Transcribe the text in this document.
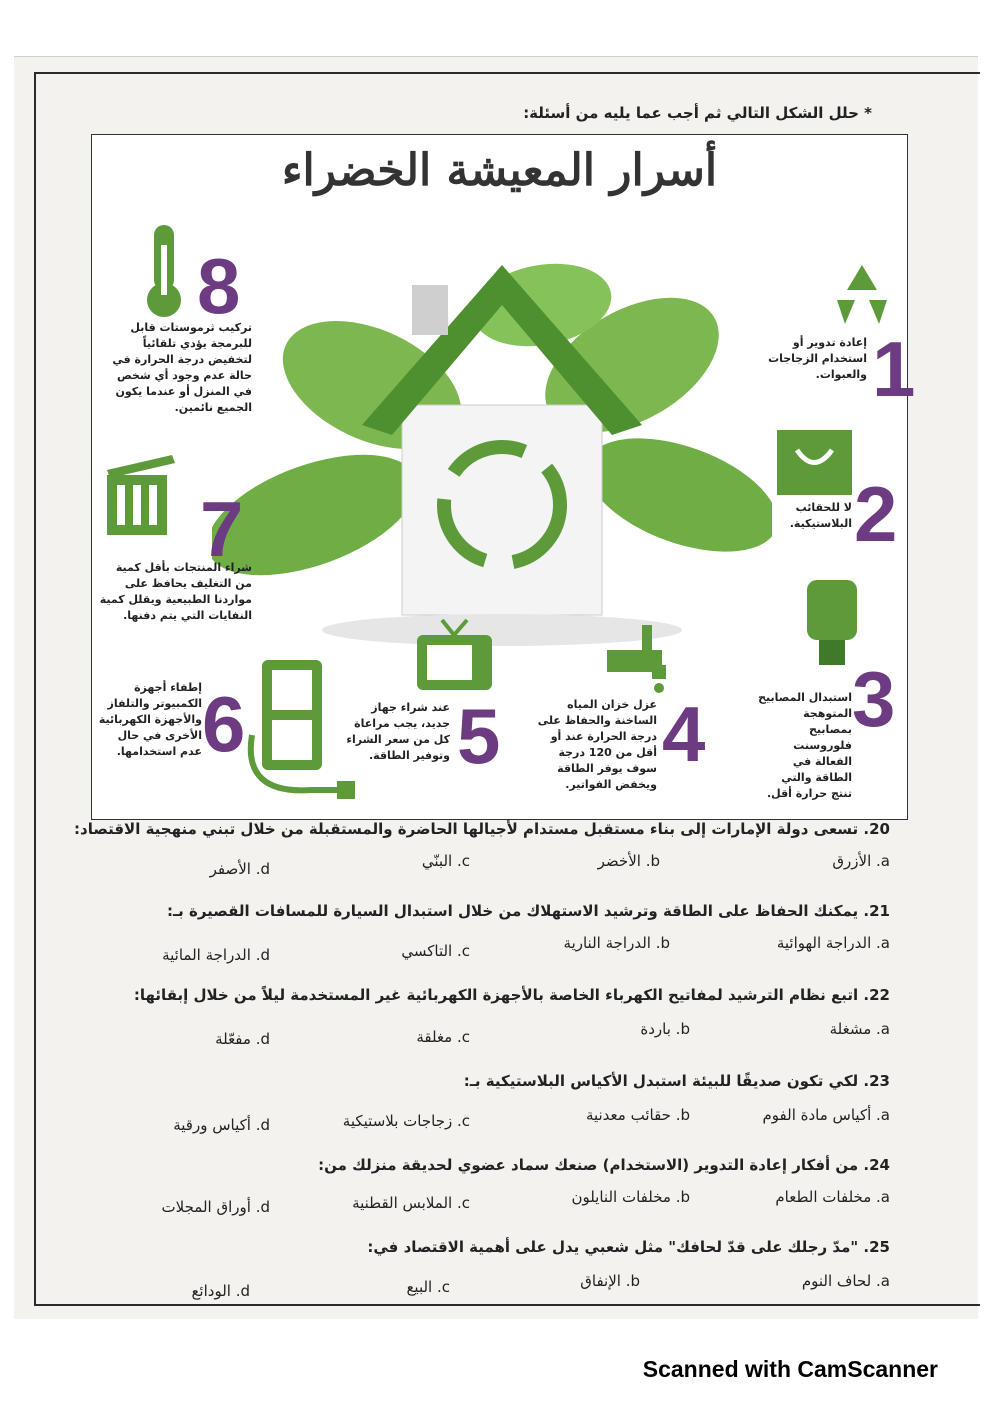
* حلل الشكل التالي ثم أجب عما يليه من أسئلة:
أسرار المعيشة الخضراء
1
إعادة تدوير أو استخدام الزجاجات والعبوات.
2
لا للحقائب البلاستيكية.
3
استبدال المصابيح المتوهجة بمصابيح فلوروسنت الفعالة في الطاقة والتي تنتج حرارة أقل.
4
عزل خزان المياه الساخنة والحفاظ على درجة الحرارة عند أو أقل من 120 درجة سوف يوفر الطاقة ويخفض الفواتير.
5
عند شراء جهاز جديد، يجب مراعاة كل من سعر الشراء وتوفير الطاقة.
6
إطفاء أجهزة الكمبيوتر والتلفاز والأجهزة الكهربائية الأخرى في حال عدم استخدامها.
7
شراء المنتجات بأقل كمية من التغليف يحافظ على مواردنا الطبيعية ويقلل كمية النفايات التي يتم دفنها.
8
تركيب ثرموستات قابل للبرمجة يؤدي تلقائياً لتخفيض درجة الحرارة في حالة عدم وجود أي شخص في المنزل أو عندما يكون الجميع نائمين.
20. تسعى دولة الإمارات إلى بناء مستقبل مستدام لأجيالها الحاضرة والمستقبلة من خلال تبني منهجية الاقتصاد:
a. الأزرق
b. الأخضر
c. البنّي
d. الأصفر
21. يمكنك الحفاظ على الطاقة وترشيد الاستهلاك من خلال استبدال السيارة للمسافات القصيرة بـ:
a. الدراجة الهوائية
b. الدراجة النارية
c. التاكسي
d. الدراجة المائية
22. اتبع نظام الترشيد لمفاتيح الكهرباء الخاصة بالأجهزة الكهربائية غير المستخدمة ليلاً من خلال إبقائها:
a. مشغلة
b. باردة
c. مغلقة
d. مفعّلة
23. لكي تكون صديقًا للبيئة استبدل الأكياس البلاستيكية بـ:
a. أكياس مادة الفوم
b. حقائب معدنية
c. زجاجات بلاستيكية
d. أكياس ورقية
24. من أفكار إعادة التدوير (الاستخدام) صنعك سماد عضوي لحديقة منزلك من:
a. مخلفات الطعام
b. مخلفات النايلون
c. الملابس القطنية
d. أوراق المجلات
25. "مدّ رجلك على قدّ لحافك" مثل شعبي يدل على أهمية الاقتصاد في:
a. لحاف النوم
b. الإنفاق
c. البيع
d. الودائع
Scanned with CamScanner
